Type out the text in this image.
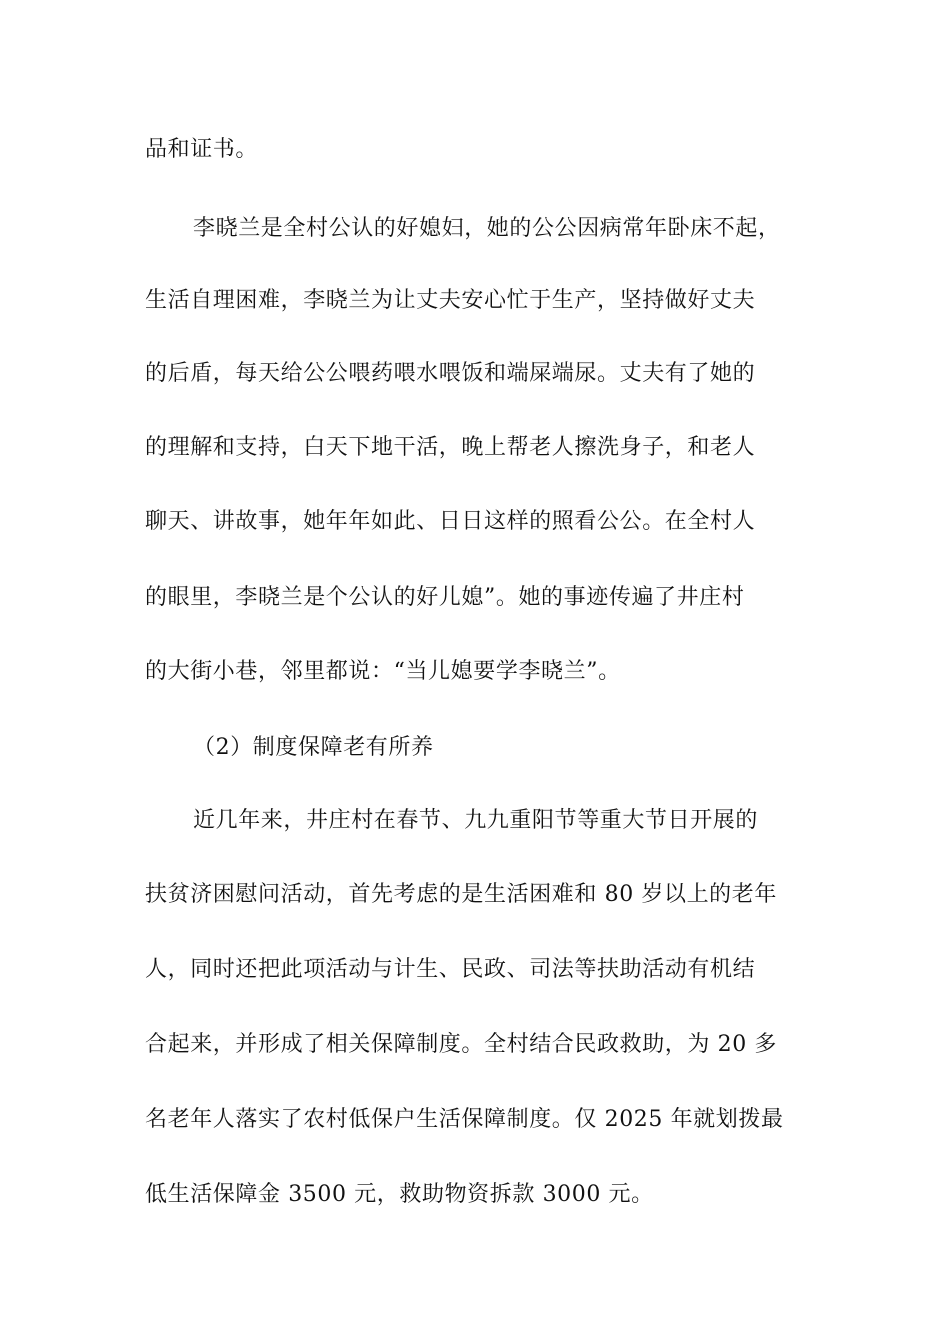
品和证书。
李晓兰是全村公认的好媳妇，她的公公因病常年卧床不起，
生活自理困难，李晓兰为让丈夫安心忙于生产，坚持做好丈夫
的后盾，每天给公公喂药喂水喂饭和端屎端尿。丈夫有了她的
的理解和支持，白天下地干活，晚上帮老人擦洗身子，和老人
聊天、讲故事，她年年如此、日日这样的照看公公。在全村人
的眼里，李晓兰是个公认的好儿媳”。她的事迹传遍了井庄村
的大街小巷，邻里都说：“当儿媳要学李晓兰”。
（2）制度保障老有所养
近几年来，井庄村在春节、九九重阳节等重大节日开展的
扶贫济困慰问活动，首先考虑的是生活困难和 80 岁以上的老年
人，同时还把此项活动与计生、民政、司法等扶助活动有机结
合起来，并形成了相关保障制度。全村结合民政救助，为 20 多
名老年人落实了农村低保户生活保障制度。仅 2025 年就划拨最
低生活保障金 3500 元，救助物资拆款 3000 元。
